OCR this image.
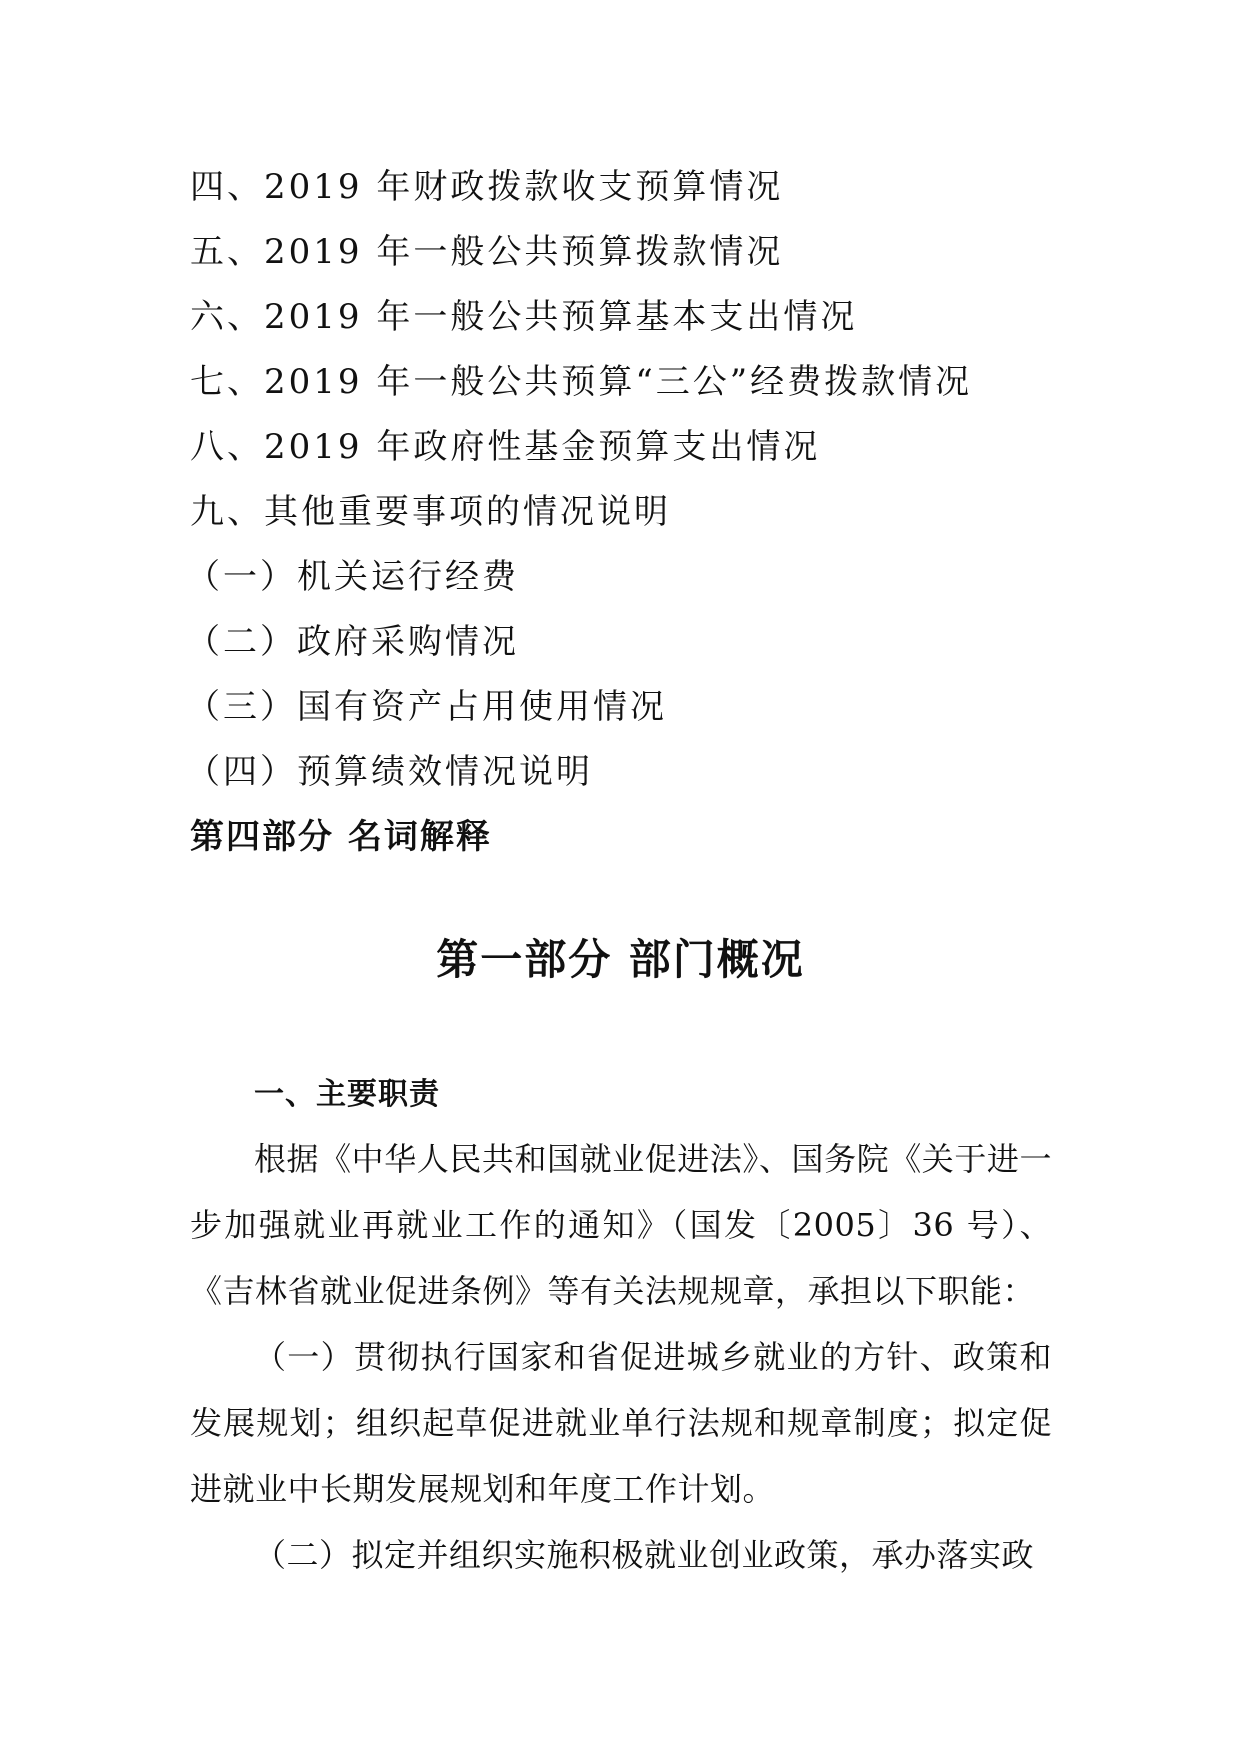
四、2019 年财政拨款收支预算情况
五、2019 年一般公共预算拨款情况
六、2019 年一般公共预算基本支出情况
七、2019 年一般公共预算“三公”经费拨款情况
八、2019 年政府性基金预算支出情况
九、其他重要事项的情况说明
（一）机关运行经费
（二）政府采购情况
（三）国有资产占用使用情况
（四）预算绩效情况说明
第四部分 名词解释
第一部分 部门概况
一、主要职责
根据《中华人民共和国就业促进法》、国务院《关于进一步加强就业再就业工作的通知》（国发〔2005〕36 号）、《吉林省就业促进条例》等有关法规规章，承担以下职能：
（一）贯彻执行国家和省促进城乡就业的方针、政策和发展规划；组织起草促进就业单行法规和规章制度；拟定促进就业中长期发展规划和年度工作计划。
（二）拟定并组织实施积极就业创业政策，承办落实政
